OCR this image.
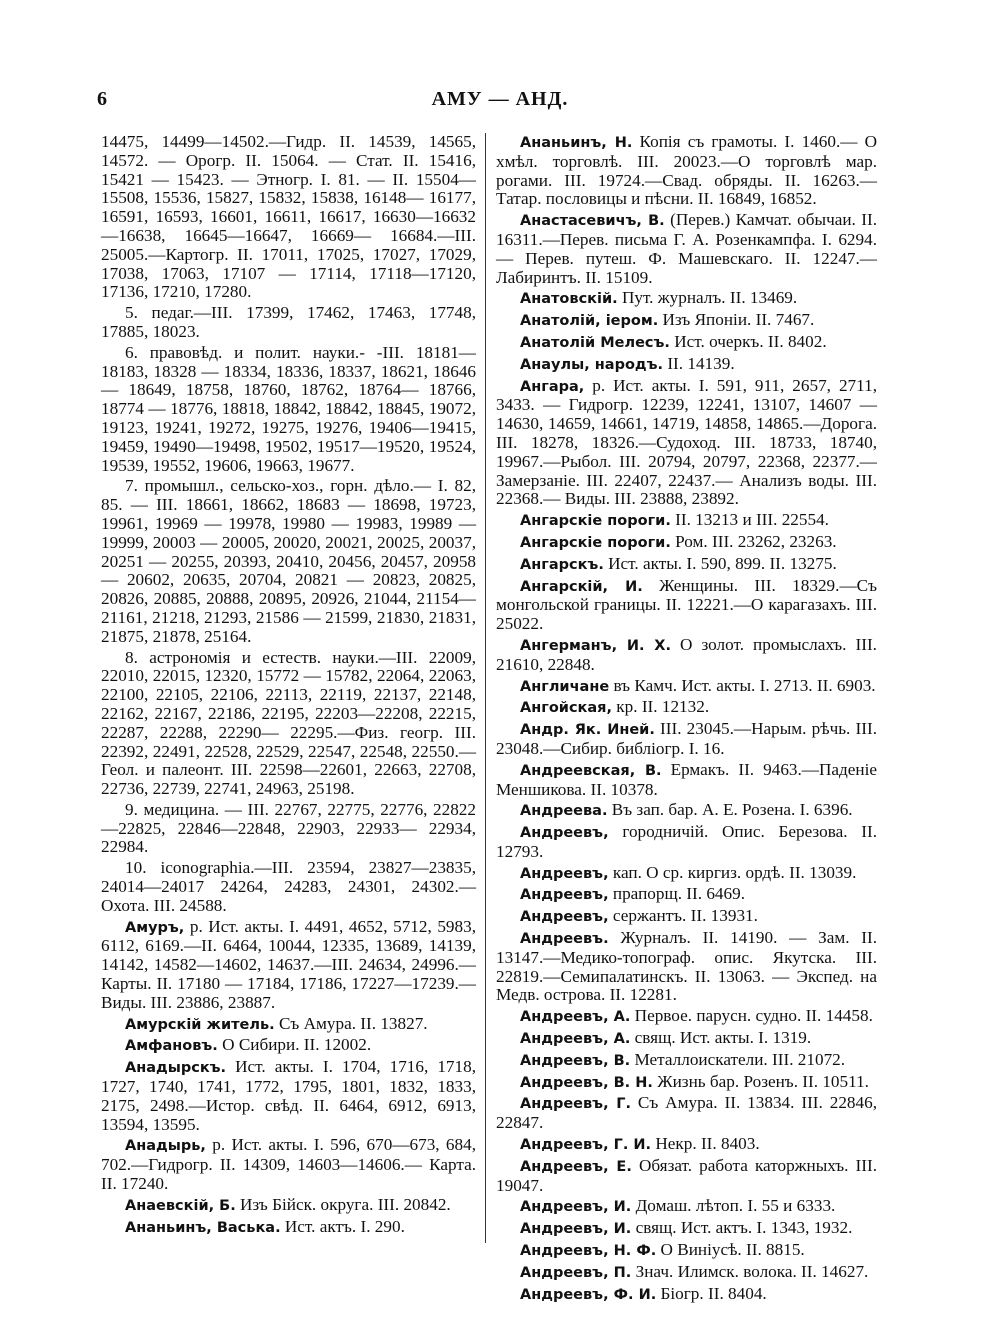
6	АМУ — АНД.

14475, 14499—14502.—Гидр. II. 14539, 14565, 14572. — Орогр. II. 15064. — Стат. II. 15416, 15421 — 15423. — Этногр. I. 81. — II. 15504— 15508, 15536, 15827, 15832, 15838, 16148— 16177, 16591, 16593, 16601, 16611, 16617, 16630—16632—16638, 16645—16647, 16669— 16684.—III. 25005.—Картогр. II. 17011, 17025, 17027, 17029, 17038, 17063, 17107 — 17114, 17118—17120, 17136, 17210, 17280.

5. педаг.—III. 17399, 17462, 17463, 17748, 17885, 18023.

6. правовѣд. и полит. науки.- -III. 18181— 18183, 18328 — 18334, 18336, 18337, 18621, 18646 — 18649, 18758, 18760, 18762, 18764— 18766, 18774 — 18776, 18818, 18842, 18842, 18845, 19072, 19123, 19241, 19272, 19275, 19276, 19406—19415, 19459, 19490—19498, 19502, 19517—19520, 19524, 19539, 19552, 19606, 19663, 19677.

7. промышл., сельско-хоз., горн. дѣло.— I. 82, 85. — III. 18661, 18662, 18683 — 18698, 19723, 19961, 19969 — 19978, 19980 — 19983, 19989 — 19999, 20003 — 20005, 20020, 20021, 20025, 20037, 20251 — 20255, 20393, 20410, 20456, 20457, 20958 — 20602, 20635, 20704, 20821 — 20823, 20825, 20826, 20885, 20888, 20895, 20926, 21044, 21154—21161, 21218, 21293, 21586 — 21599, 21830, 21831, 21875, 21878, 25164.

8. астрономія и естеств. науки.—III. 22009, 22010, 22015, 12320, 15772 — 15782, 22064, 22063, 22100, 22105, 22106, 22113, 22119, 22137, 22148, 22162, 22167, 22186, 22195, 22203—22208, 22215, 22287, 22288, 22290— 22295.—Физ. геогр. III. 22392, 22491, 22528, 22529, 22547, 22548, 22550.—Геол. и палеонт. III. 22598—22601, 22663, 22708, 22736, 22739, 22741, 24963, 25198.

9. медицина. — III. 22767, 22775, 22776, 22822—22825, 22846—22848, 22903, 22933— 22934, 22984.

10. iconographia.—III. 23594, 23827—23835, 24014—24017 24264, 24283, 24301, 24302.— Охота. III. 24588.

Амуръ, р. Ист. акты. I. 4491, 4652, 5712, 5983, 6112, 6169.—II. 6464, 10044, 12335, 13689, 14139, 14142, 14582—14602, 14637.—III. 24634, 24996.—Карты. II. 17180 — 17184, 17186, 17227—17239.—Виды. III. 23886, 23887.

Амурскій житель. Съ Амура. II. 13827.

Амфановъ. О Сибири. II. 12002.

Анадырскъ. Ист. акты. I. 1704, 1716, 1718, 1727, 1740, 1741, 1772, 1795, 1801, 1832, 1833, 2175, 2498.—Истор. свѣд. II. 6464, 6912, 6913, 13594, 13595.

Анадырь, р. Ист. акты. I. 596, 670—673, 684, 702.—Гидрогр. II. 14309, 14603—14606.— Карта. II. 17240.

Анаевскій, Б. Изъ Бійск. округа. III. 20842.

Ананьинъ, Васька. Ист. актъ. I. 290.

Ананьинъ, Н. Копія съ грамоты. I. 1460.— О хмѣл. торговлѣ. III. 20023.—О торговлѣ мар. рогами. III. 19724.—Свад. обряды. II. 16263.— Татар. пословицы и пѣсни. II. 16849, 16852.

Анастасевичъ, В. (Перев.) Камчат. обычаи. II. 16311.—Перев. письма Г. А. Розенкампфа. I. 6294. — Перев. путеш. Ф. Машевскаго. II. 12247.—Лабиринтъ. II. 15109.

Анатовскій. Пут. журналъ. II. 13469.

Анатолій, іером. Изъ Японіи. II. 7467.

Анатолій Мелесъ. Ист. очеркъ. II. 8402.

Анаулы, народъ. II. 14139.

Ангара, р. Ист. акты. I. 591, 911, 2657, 2711, 3433. — Гидрогр. 12239, 12241, 13107, 14607 — 14630, 14659, 14661, 14719, 14858, 14865.—Дорога. III. 18278, 18326.—Судоход. III. 18733, 18740, 19967.—Рыбол. III. 20794, 20797, 22368, 22377.—Замерзаніе. III. 22407, 22437.— Анализъ воды. III. 22368.— Виды. III. 23888, 23892.

Ангарскіе пороги. II. 13213 и III. 22554.

Ангарскіе пороги. Ром. III. 23262, 23263.

Ангарскъ. Ист. акты. I. 590, 899. II. 13275.

Ангарскій, И. Женщины. III. 18329.—Съ монгольской границы. II. 12221.—О карагазахъ. III. 25022.

Ангерманъ, И. Х. О золот. промыслахъ. III. 21610, 22848.

Англичане въ Камч. Ист. акты. I. 2713. II. 6903.

Ангойская, кр. II. 12132.

Андр. Як. Иней. III. 23045.—Нарым. рѣчь. III. 23048.—Сибир. библіогр. I. 16.

Андреевская, В. Ермакъ. II. 9463.—Паденіе Меншикова. II. 10378.

Андреева. Въ зап. бар. А. Е. Розена. I. 6396.

Андреевъ, городничій. Опис. Березова. II. 12793.

Андреевъ, кап. О ср. киргиз. ордѣ. II. 13039.

Андреевъ, прапорщ. II. 6469.

Андреевъ, сержантъ. II. 13931.

Андреевъ. Журналъ. II. 14190. — Зам. II. 13147.—Медико-топограф. опис. Якутска. III. 22819.—Семипалатинскъ. II. 13063. — Экспед. на Медв. острова. II. 12281.

Андреевъ, А. Первое. парусн. судно. II. 14458.

Андреевъ, А. свящ. Ист. акты. I. 1319.

Андреевъ, В. Металлоискатели. III. 21072.

Андреевъ, В. Н. Жизнь бар. Розенъ. II. 10511.

Андреевъ, Г. Съ Амура. II. 13834. III. 22846, 22847.

Андреевъ, Г. И. Некр. II. 8403.

Андреевъ, Е. Обязат. работа каторжныхъ. III. 19047.

Андреевъ, И. Домаш. лѣтоп. I. 55 и 6333.

Андреевъ, И. свящ. Ист. актъ. I. 1343, 1932.

Андреевъ, Н. Ф. О Виніусѣ. II. 8815.

Андреевъ, П. Знач. Илимск. волока. II. 14627.

Андреевъ, Ф. И. Біогр. II. 8404.
